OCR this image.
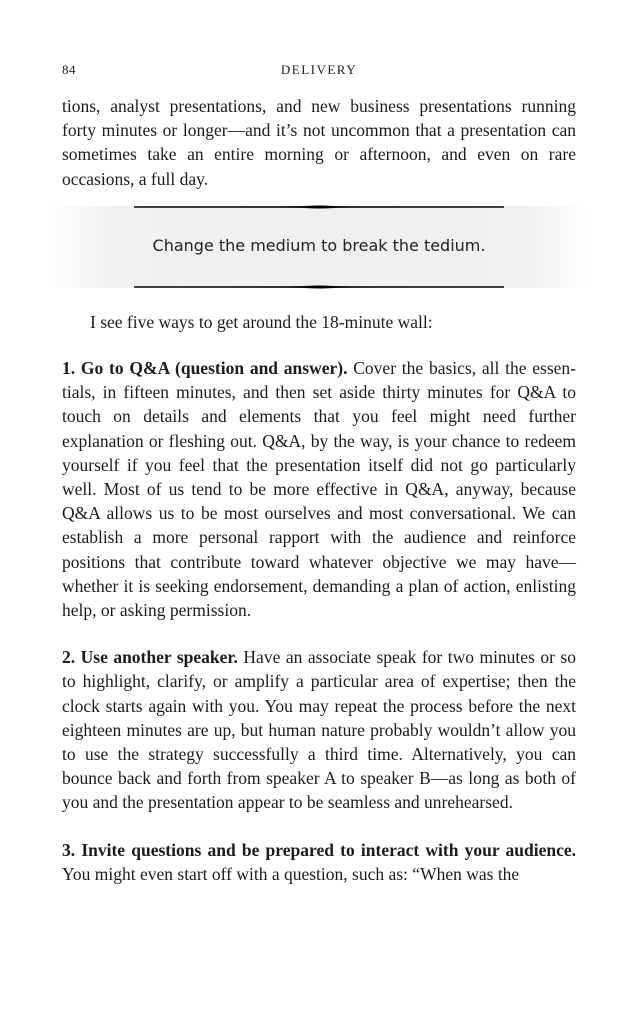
84	DELIVERY

tions, analyst presentations, and new business presentations running forty minutes or longer—and it’s not uncommon that a presentation can sometimes take an entire morning or afternoon, and even on rare occasions, a full day.

Change the medium to break the tedium.

I see five ways to get around the 18-minute wall:

1. Go to Q&A (question and answer). Cover the basics, all the essentials, in fifteen minutes, and then set aside thirty minutes for Q&A to touch on details and elements that you feel might need further explanation or fleshing out. Q&A, by the way, is your chance to redeem yourself if you feel that the presentation itself did not go particularly well. Most of us tend to be more effective in Q&A, anyway, because Q&A allows us to be most ourselves and most conversational. We can establish a more personal rapport with the audience and reinforce positions that contribute toward whatever objective we may have—whether it is seeking endorsement, demanding a plan of action, enlisting help, or asking permission.

2. Use another speaker. Have an associate speak for two minutes or so to highlight, clarify, or amplify a particular area of expertise; then the clock starts again with you. You may repeat the process before the next eighteen minutes are up, but human nature probably wouldn’t allow you to use the strategy successfully a third time. Alternatively, you can bounce back and forth from speaker A to speaker B—as long as both of you and the presentation appear to be seamless and unrehearsed.

3. Invite questions and be prepared to interact with your audience. You might even start off with a question, such as: “When was the
